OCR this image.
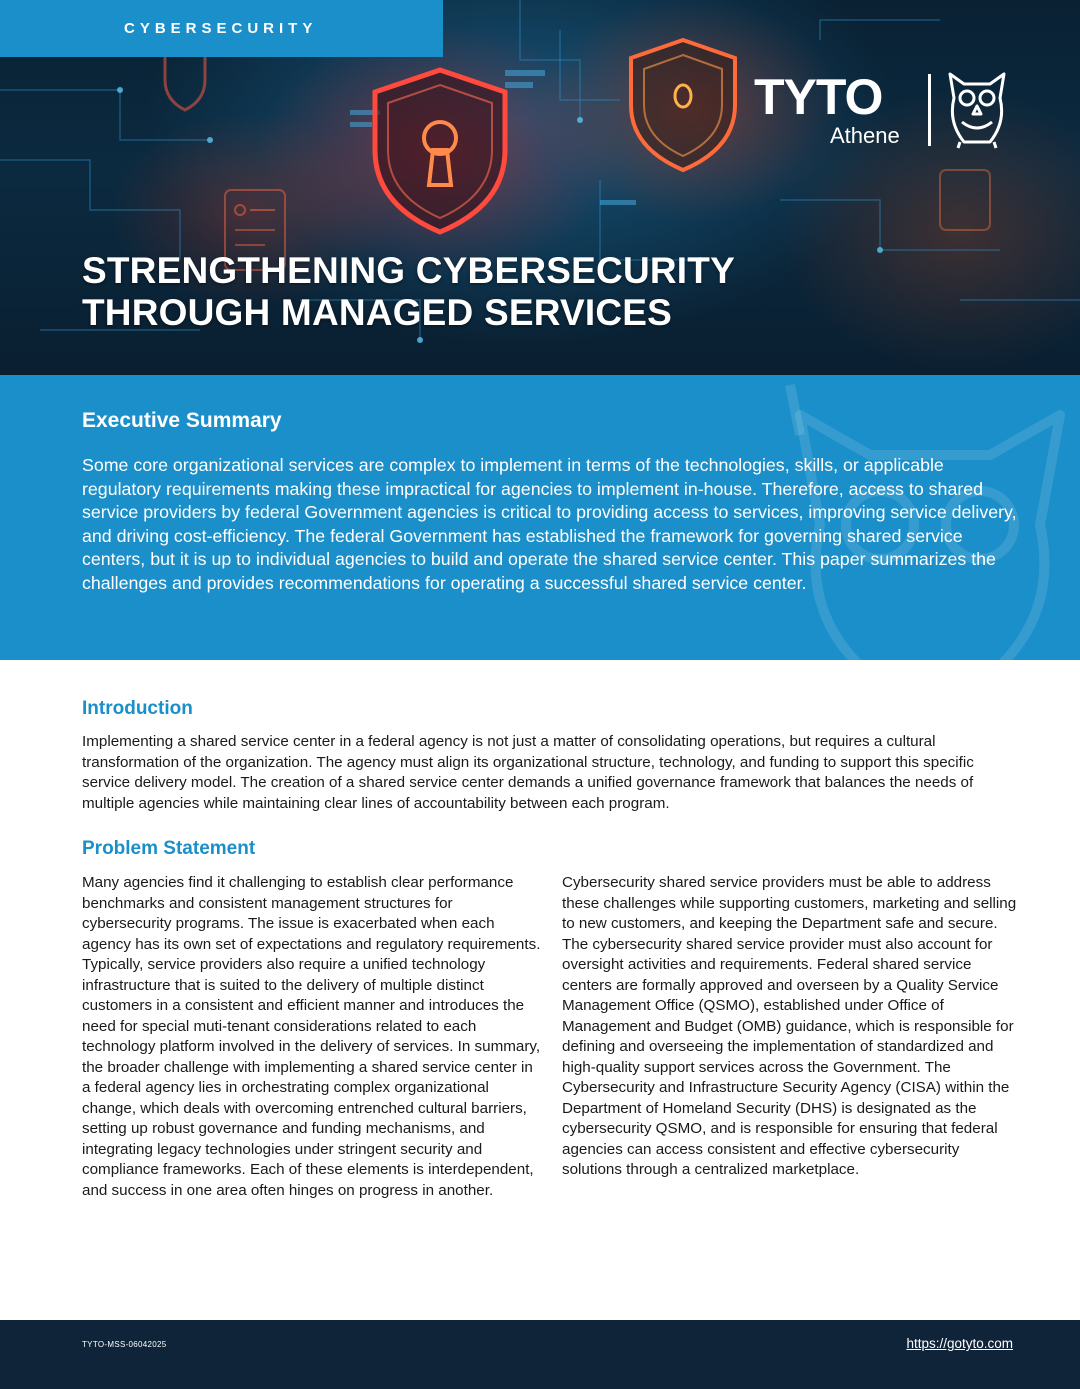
CYBERSECURITY
TYTO
Athene
STRENGTHENING CYBERSECURITY
THROUGH MANAGED SERVICES
Executive Summary

Some core organizational services are complex to implement in terms of the technologies, skills, or applicable regulatory requirements making these impractical for agencies to implement in-house. Therefore, access to shared service providers by federal Government agencies is critical to providing access to services, improving service delivery, and driving cost-efficiency. The federal Government has established the framework for governing shared service centers, but it is up to individual agencies to build and operate the shared service center. This paper summarizes the challenges and provides recommendations for operating a successful shared service center.

Introduction

Implementing a shared service center in a federal agency is not just a matter of consolidating operations, but requires a cultural transformation of the organization. The agency must align its organizational structure, technology, and funding to support this specific service delivery model. The creation of a shared service center demands a unified governance framework that balances the needs of multiple agencies while maintaining clear lines of accountability between each program.

Problem Statement

Many agencies find it challenging to establish clear performance benchmarks and consistent management structures for cybersecurity programs. The issue is exacerbated when each agency has its own set of expectations and regulatory requirements. Typically, service providers also require a unified technology infrastructure that is suited to the delivery of multiple distinct customers in a consistent and efficient manner and introduces the need for special muti-tenant considerations related to each technology platform involved in the delivery of services. In summary, the broader challenge with implementing a shared service center in a federal agency lies in orchestrating complex organizational change, which deals with overcoming entrenched cultural barriers, setting up robust governance and funding mechanisms, and integrating legacy technologies under stringent security and compliance frameworks. Each of these elements is interdependent, and success in one area often hinges on progress in another.

Cybersecurity shared service providers must be able to address these challenges while supporting customers, marketing and selling to new customers, and keeping the Department safe and secure. The cybersecurity shared service provider must also account for oversight activities and requirements. Federal shared service centers are formally approved and overseen by a Quality Service Management Office (QSMO), established under Office of Management and Budget (OMB) guidance, which is responsible for defining and overseeing the implementation of standardized and high-quality support services across the Government. The Cybersecurity and Infrastructure Security Agency (CISA) within the Department of Homeland Security (DHS) is designated as the cybersecurity QSMO, and is responsible for ensuring that federal agencies can access consistent and effective cybersecurity solutions through a centralized marketplace.

TYTO-MSS-06042025	https://gotyto.com
